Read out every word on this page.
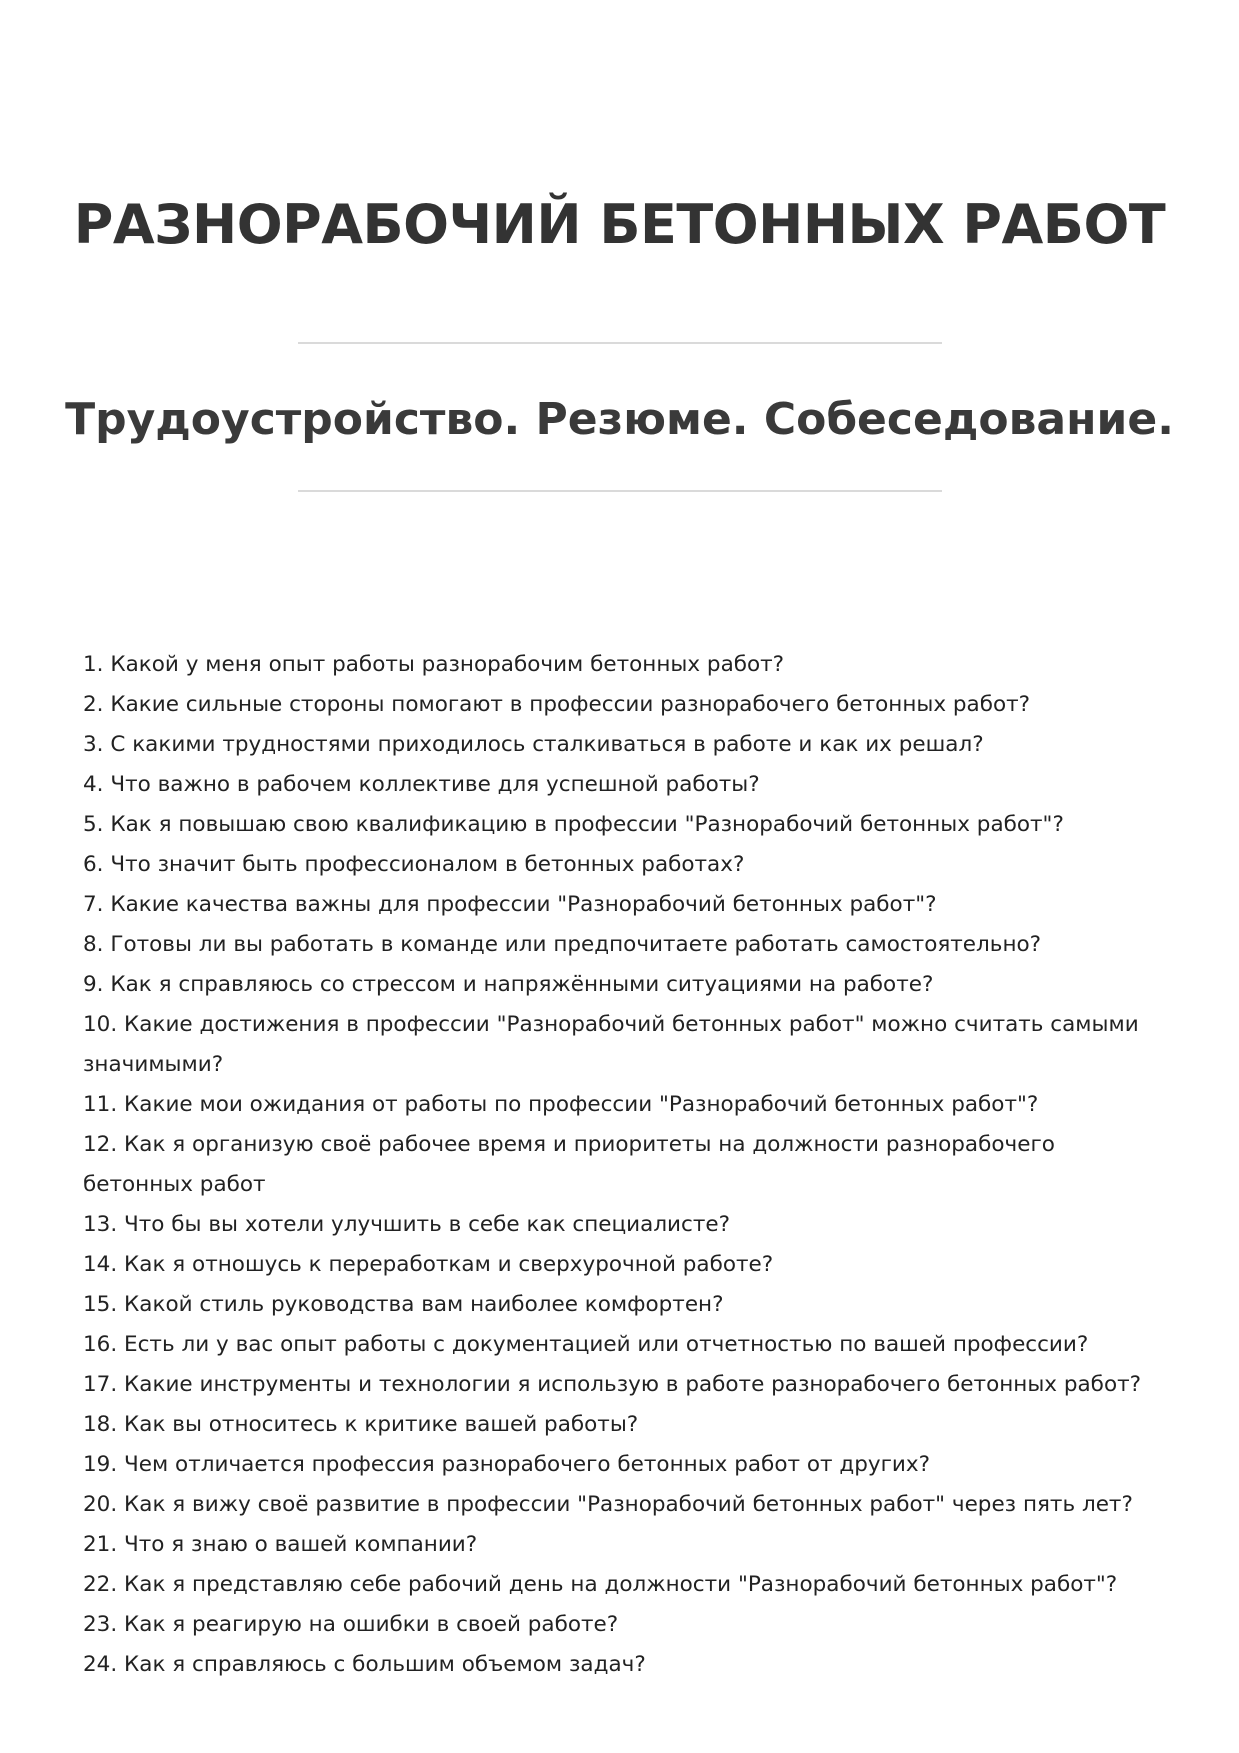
РАЗНОРАБОЧИЙ БЕТОННЫХ РАБОТ
Трудоустройство. Резюме. Собеседование.
1. Какой у меня опыт работы разнорабочим бетонных работ?
2. Какие сильные стороны помогают в профессии разнорабочего бетонных работ?
3. С какими трудностями приходилось сталкиваться в работе и как их решал?
4. Что важно в рабочем коллективе для успешной работы?
5. Как я повышаю свою квалификацию в профессии "Разнорабочий бетонных работ"?
6. Что значит быть профессионалом в бетонных работах?
7. Какие качества важны для профессии "Разнорабочий бетонных работ"?
8. Готовы ли вы работать в команде или предпочитаете работать самостоятельно?
9. Как я справляюсь со стрессом и напряжёнными ситуациями на работе?
10. Какие достижения в профессии "Разнорабочий бетонных работ" можно считать самыми значимыми?
11. Какие мои ожидания от работы по профессии "Разнорабочий бетонных работ"?
12. Как я организую своё рабочее время и приоритеты на должности разнорабочего бетонных работ
13. Что бы вы хотели улучшить в себе как специалисте?
14. Как я отношусь к переработкам и сверхурочной работе?
15. Какой стиль руководства вам наиболее комфортен?
16. Есть ли у вас опыт работы с документацией или отчетностью по вашей профессии?
17. Какие инструменты и технологии я использую в работе разнорабочего бетонных работ?
18. Как вы относитесь к критике вашей работы?
19. Чем отличается профессия разнорабочего бетонных работ от других?
20. Как я вижу своё развитие в профессии "Разнорабочий бетонных работ" через пять лет?
21. Что я знаю о вашей компании?
22. Как я представляю себе рабочий день на должности "Разнорабочий бетонных работ"?
23. Как я реагирую на ошибки в своей работе?
24. Как я справляюсь с большим объемом задач?
